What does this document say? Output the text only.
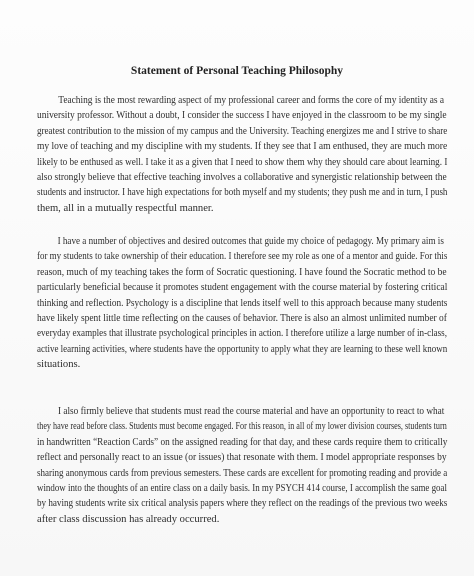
Statement of Personal Teaching Philosophy

Teaching is the most rewarding aspect of my professional career and forms the core of my identity as a
university professor. Without a doubt, I consider the success I have enjoyed in the classroom to be my single
greatest contribution to the mission of my campus and the University. Teaching energizes me and I strive to share
my love of teaching and my discipline with my students. If they see that I am enthused, they are much more
likely to be enthused as well. I take it as a given that I need to show them why they should care about learning. I
also strongly believe that effective teaching involves a collaborative and synergistic relationship between the
students and instructor. I have high expectations for both myself and my students; they push me and in turn, I push
them, all in a mutually respectful manner.

I have a number of objectives and desired outcomes that guide my choice of pedagogy. My primary aim is
for my students to take ownership of their education. I therefore see my role as one of a mentor and guide. For this
reason, much of my teaching takes the form of Socratic questioning. I have found the Socratic method to be
particularly beneficial because it promotes student engagement with the course material by fostering critical
thinking and reflection. Psychology is a discipline that lends itself well to this approach because many students
have likely spent little time reflecting on the causes of behavior. There is also an almost unlimited number of
everyday examples that illustrate psychological principles in action. I therefore utilize a large number of in-class,
active learning activities, where students have the opportunity to apply what they are learning to these well known
situations.

I also firmly believe that students must read the course material and have an opportunity to react to what
they have read before class. Students must become engaged. For this reason, in all of my lower division courses, students turn
in handwritten “Reaction Cards” on the assigned reading for that day, and these cards require them to critically
reflect and personally react to an issue (or issues) that resonate with them. I model appropriate responses by
sharing anonymous cards from previous semesters. These cards are excellent for promoting reading and provide a
window into the thoughts of an entire class on a daily basis. In my PSYCH 414 course, I accomplish the same goal
by having students write six critical analysis papers where they reflect on the readings of the previous two weeks
after class discussion has already occurred.
